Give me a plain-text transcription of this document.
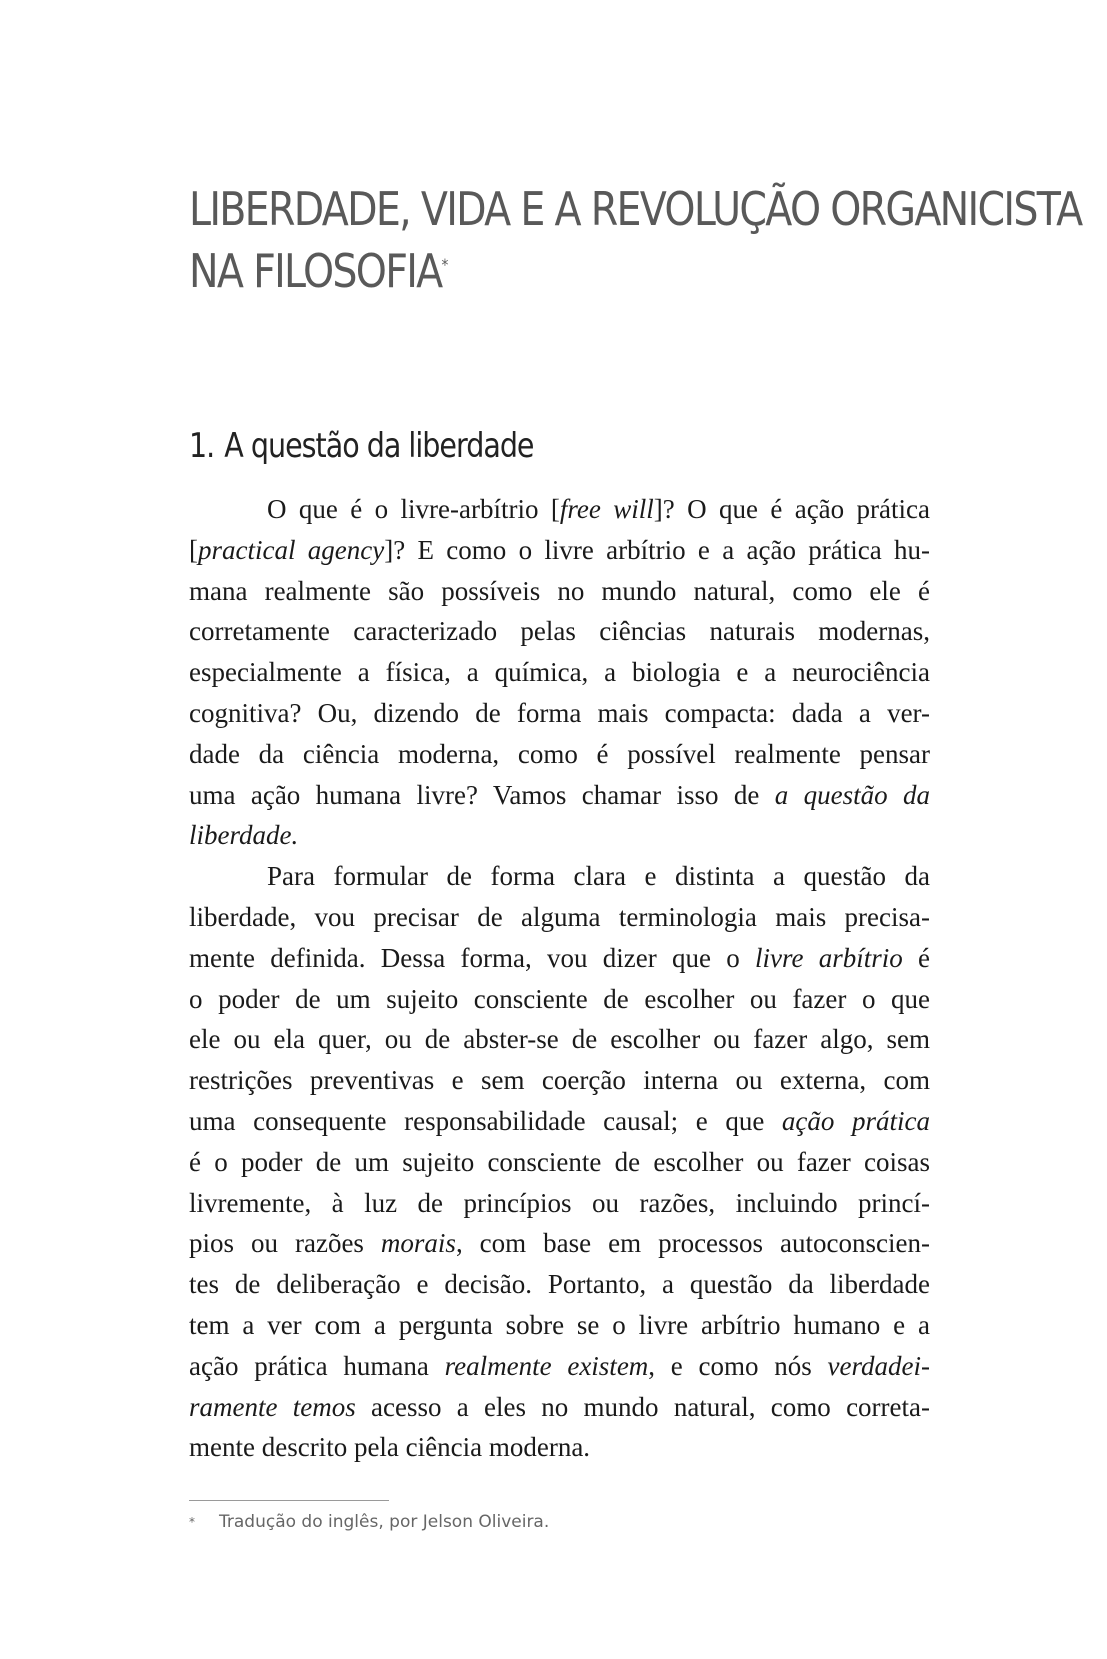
LIBERDADE, VIDA E A REVOLUÇÃO ORGANICISTA
NA FILOSOFIA*
1. A questão da liberdade

O que é o livre-arbítrio [free will]? O que é ação prática
[practical agency]? E como o livre arbítrio e a ação prática hu-
mana realmente são possíveis no mundo natural, como ele é
corretamente caracterizado pelas ciências naturais modernas,
especialmente a física, a química, a biologia e a neurociência
cognitiva? Ou, dizendo de forma mais compacta: dada a ver-
dade da ciência moderna, como é possível realmente pensar
uma ação humana livre? Vamos chamar isso de a questão da
liberdade.

Para formular de forma clara e distinta a questão da
liberdade, vou precisar de alguma terminologia mais precisa-
mente definida. Dessa forma, vou dizer que o livre arbítrio é
o poder de um sujeito consciente de escolher ou fazer o que
ele ou ela quer, ou de abster-se de escolher ou fazer algo, sem
restrições preventivas e sem coerção interna ou externa, com
uma consequente responsabilidade causal; e que ação prática
é o poder de um sujeito consciente de escolher ou fazer coisas
livremente, à luz de princípios ou razões, incluindo princí-
pios ou razões morais, com base em processos autoconscien-
tes de deliberação e decisão. Portanto, a questão da liberdade
tem a ver com a pergunta sobre se o livre arbítrio humano e a
ação prática humana realmente existem, e como nós verdadei-
ramente temos acesso a eles no mundo natural, como correta-
mente descrito pela ciência moderna.

* Tradução do inglês, por Jelson Oliveira.
